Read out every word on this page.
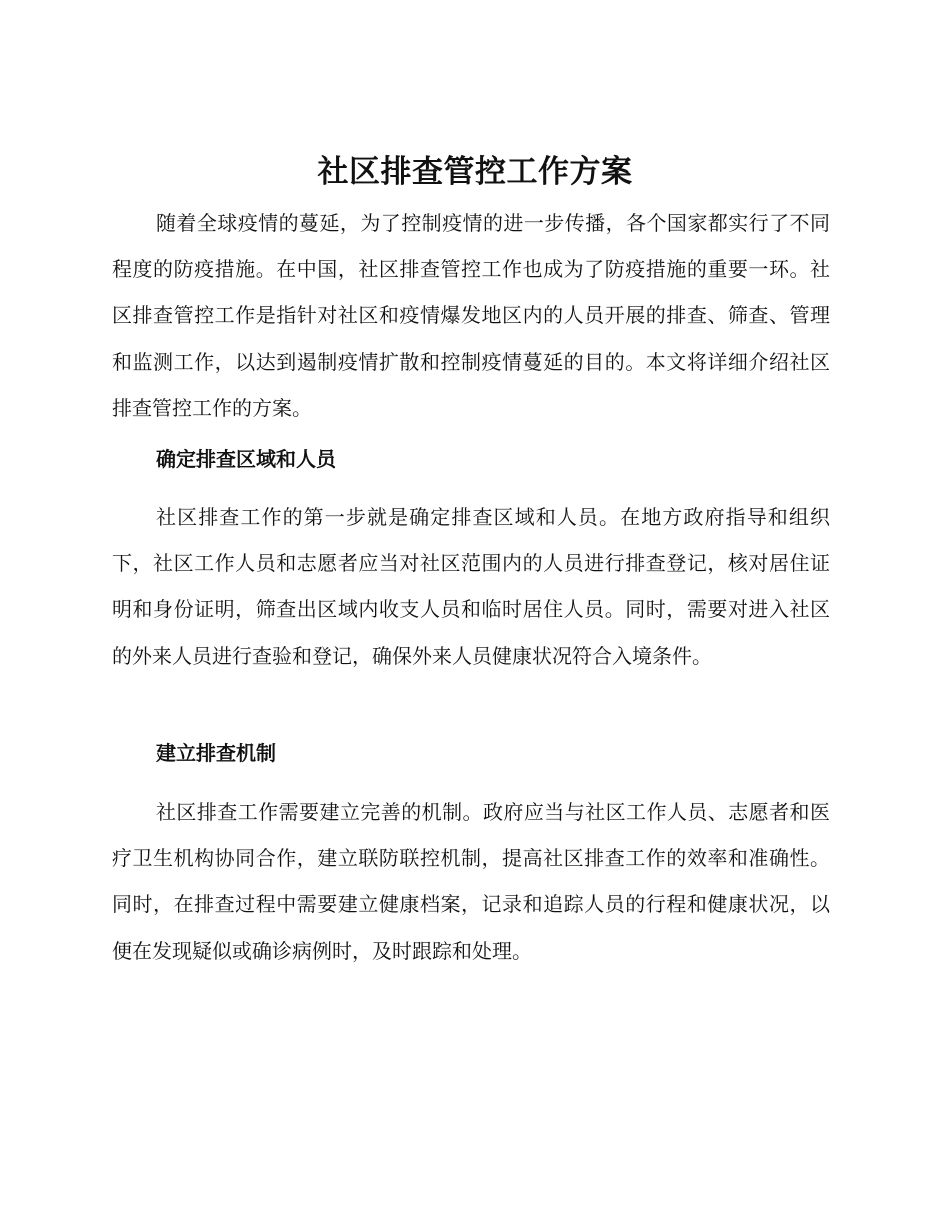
社区排查管控工作方案

随着全球疫情的蔓延，为了控制疫情的进一步传播，各个国家都实行了不同程度的防疫措施。在中国，社区排查管控工作也成为了防疫措施的重要一环。社区排查管控工作是指针对社区和疫情爆发地区内的人员开展的排查、筛查、管理和监测工作，以达到遏制疫情扩散和控制疫情蔓延的目的。本文将详细介绍社区排查管控工作的方案。

确定排查区域和人员

社区排查工作的第一步就是确定排查区域和人员。在地方政府指导和组织下，社区工作人员和志愿者应当对社区范围内的人员进行排查登记，核对居住证明和身份证明，筛查出区域内收支人员和临时居住人员。同时，需要对进入社区的外来人员进行查验和登记，确保外来人员健康状况符合入境条件。

建立排查机制

社区排查工作需要建立完善的机制。政府应当与社区工作人员、志愿者和医疗卫生机构协同合作，建立联防联控机制，提高社区排查工作的效率和准确性。同时，在排查过程中需要建立健康档案，记录和追踪人员的行程和健康状况，以便在发现疑似或确诊病例时，及时跟踪和处理。
